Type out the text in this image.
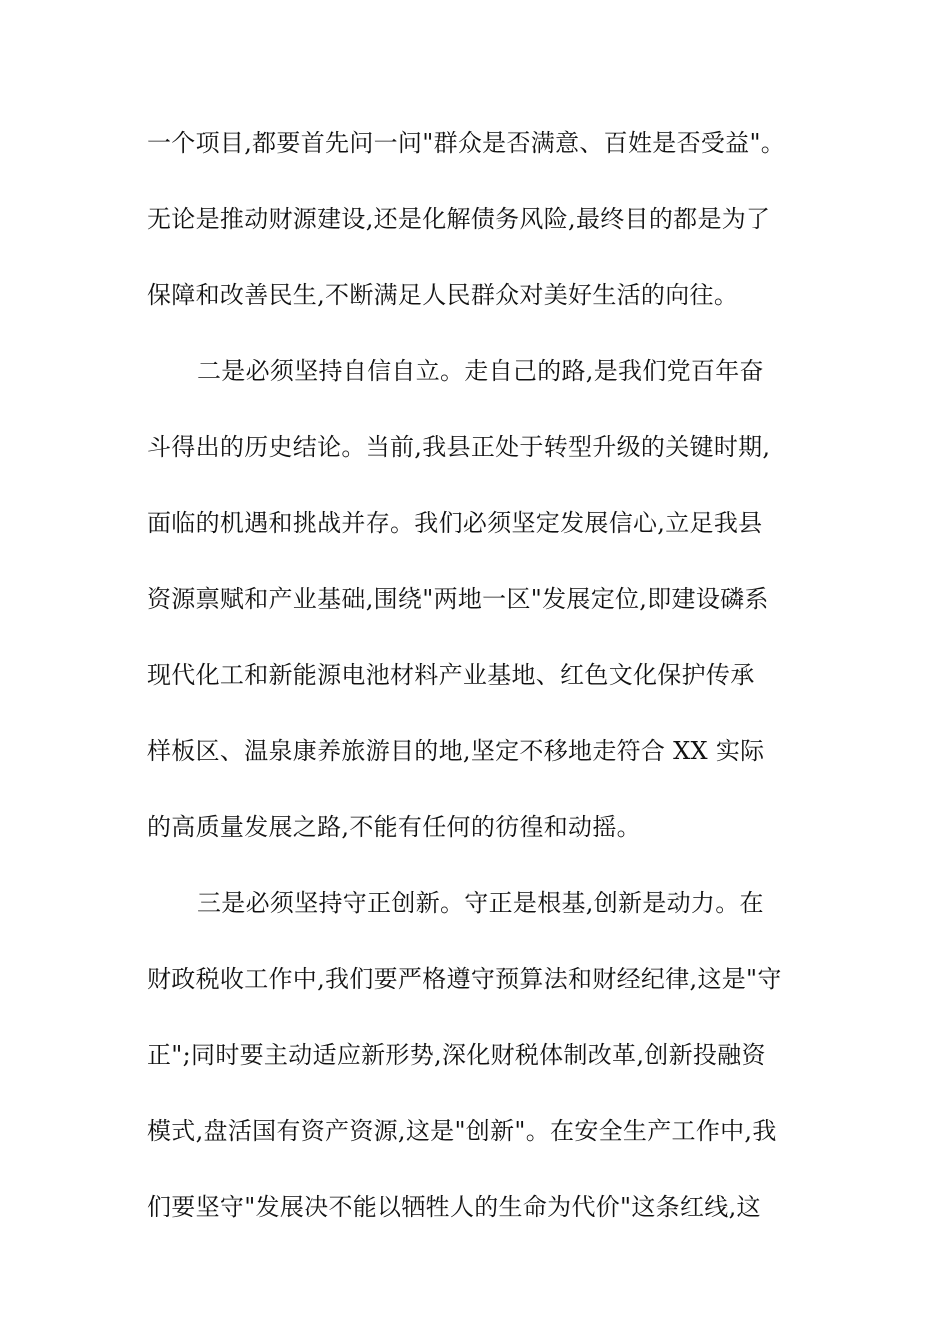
一个项目,都要首先问一问"群众是否满意、百姓是否受益"。
无论是推动财源建设,还是化解债务风险,最终目的都是为了
保障和改善民生,不断满足人民群众对美好生活的向往。
二是必须坚持自信自立。走自己的路,是我们党百年奋
斗得出的历史结论。当前,我县正处于转型升级的关键时期,
面临的机遇和挑战并存。我们必须坚定发展信心,立足我县
资源禀赋和产业基础,围绕"两地一区"发展定位,即建设磷系
现代化工和新能源电池材料产业基地、红色文化保护传承
样板区、温泉康养旅游目的地,坚定不移地走符合 XX 实际
的高质量发展之路,不能有任何的彷徨和动摇。
三是必须坚持守正创新。守正是根基,创新是动力。在
财政税收工作中,我们要严格遵守预算法和财经纪律,这是"守
正";同时要主动适应新形势,深化财税体制改革,创新投融资
模式,盘活国有资产资源,这是"创新"。在安全生产工作中,我
们要坚守"发展决不能以牺牲人的生命为代价"这条红线,这
